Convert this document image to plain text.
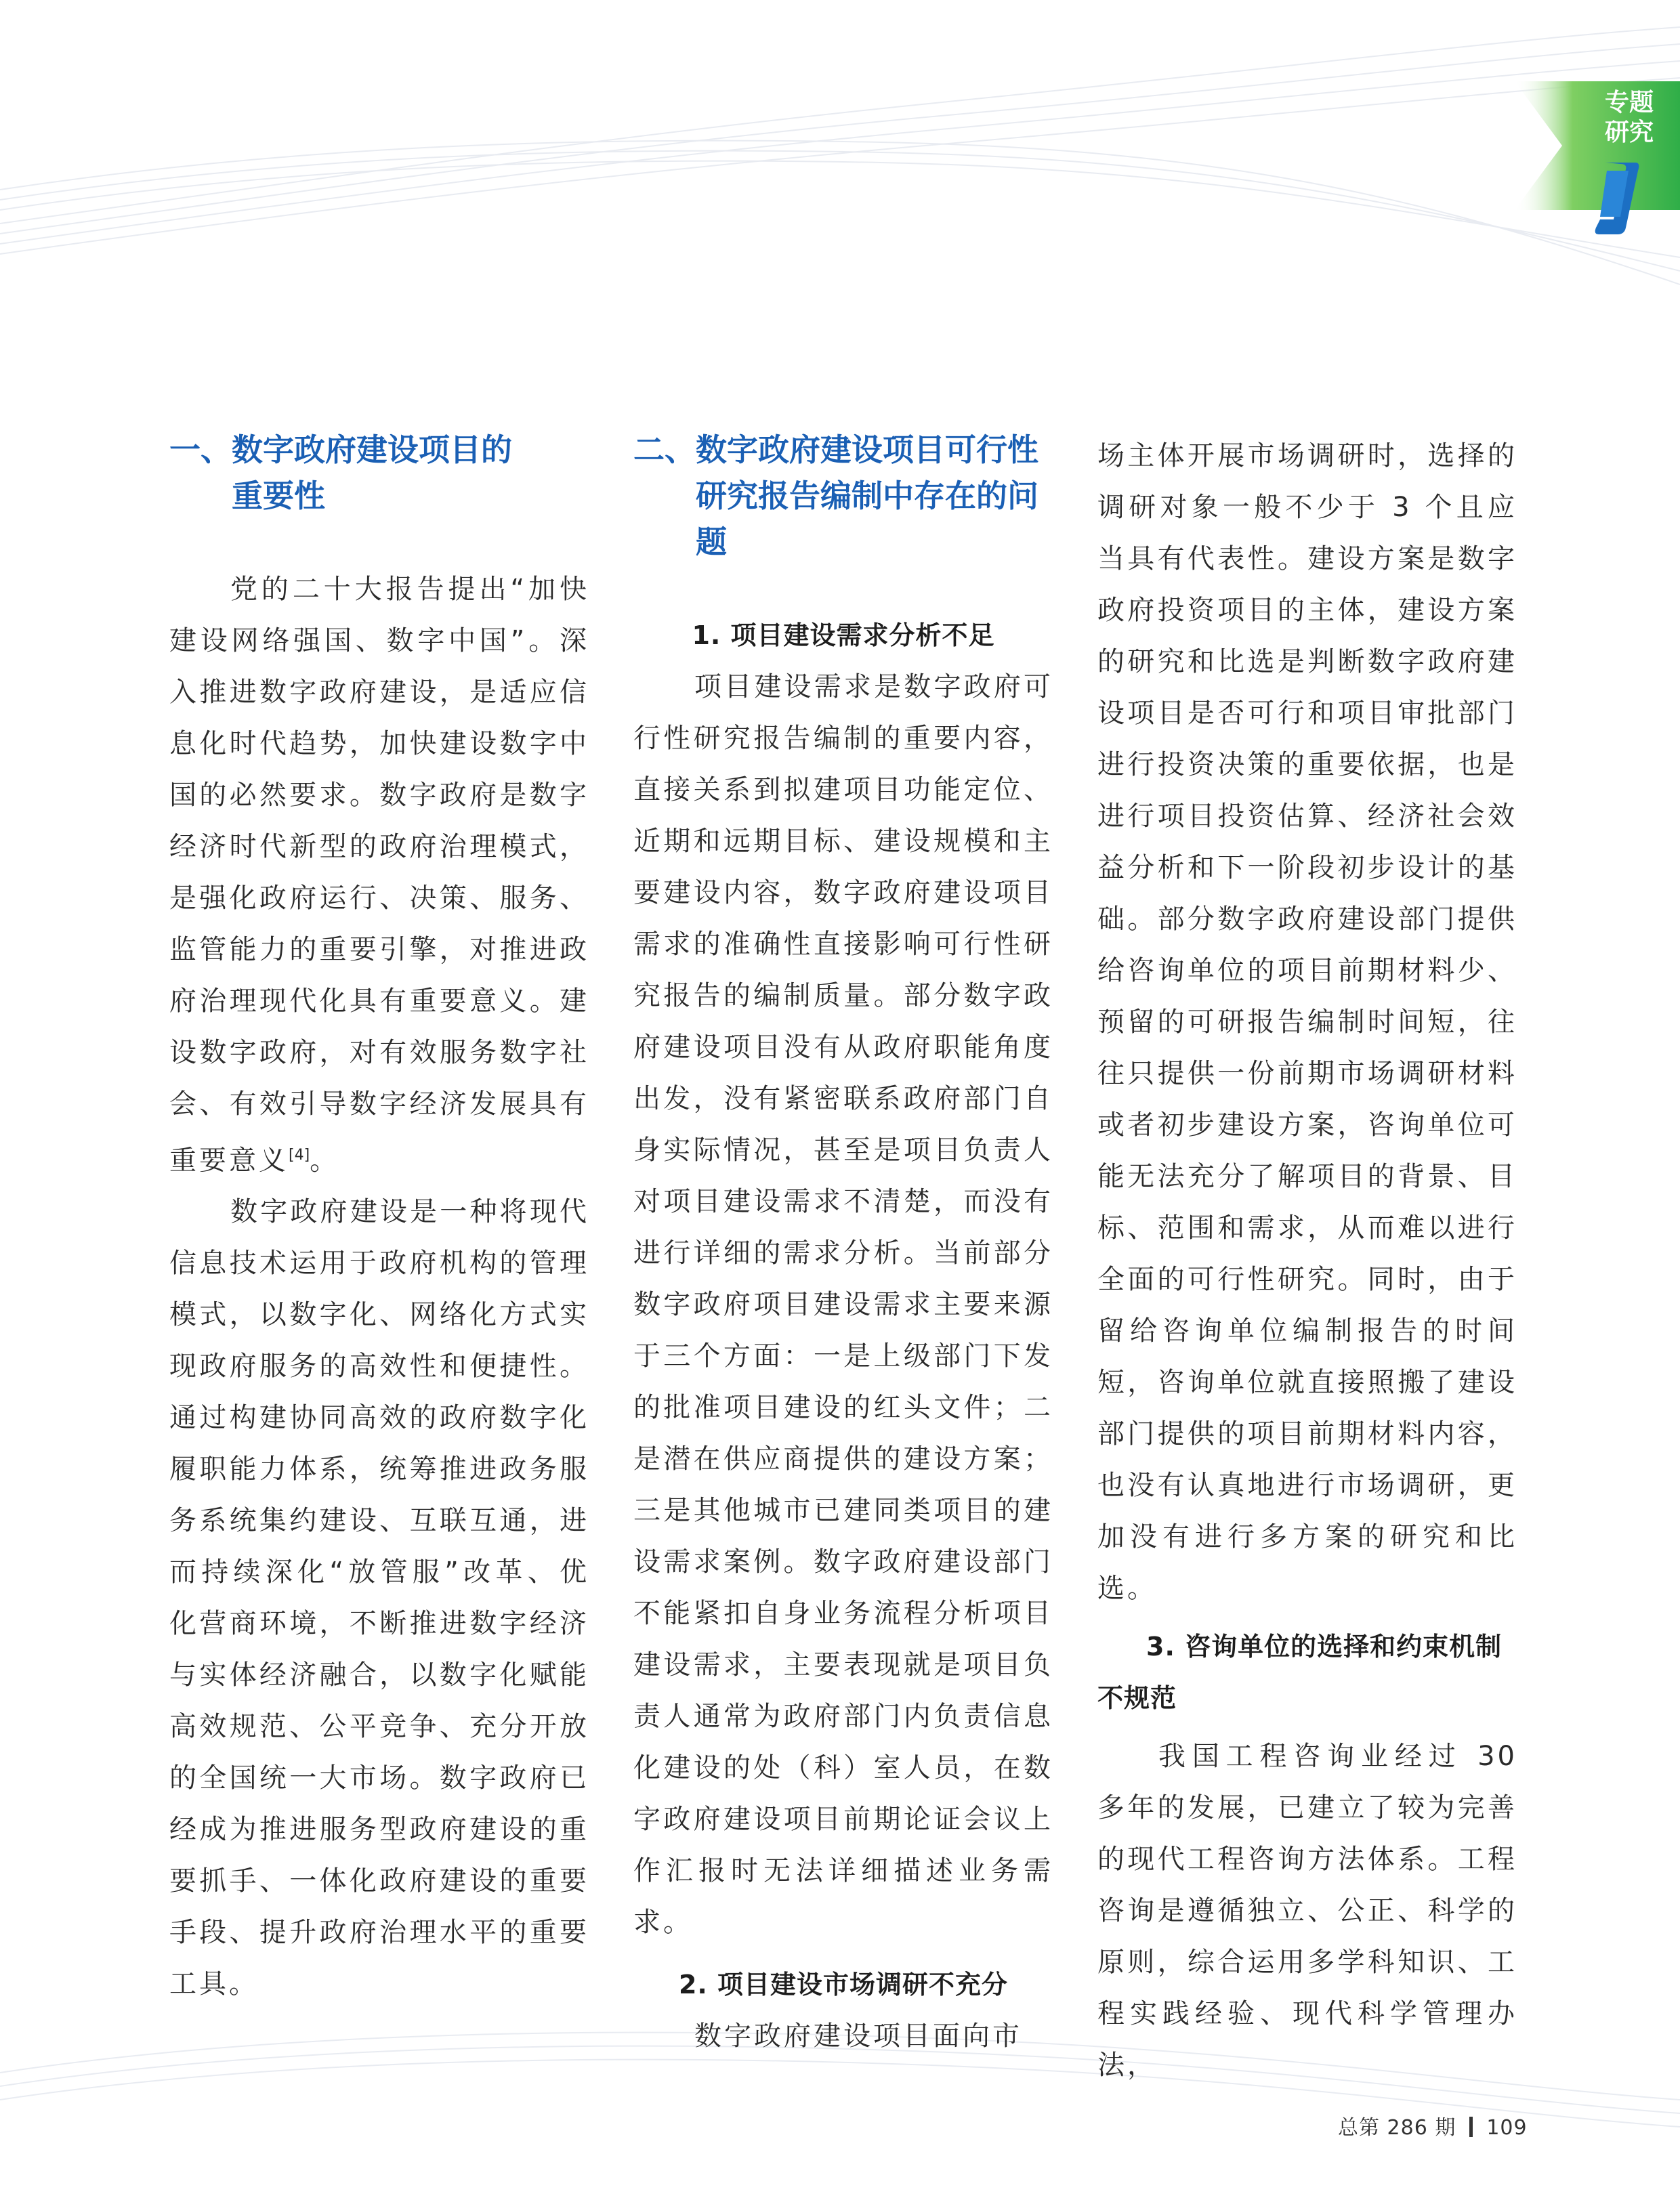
专题
研究
一、数字政府建设项目的
重要性

党的二十大报告提出“加快建设网络强国、数字中国”。深入推进数字政府建设，是适应信息化时代趋势，加快建设数字中国的必然要求。数字政府是数字经济时代新型的政府治理模式，是强化政府运行、决策、服务、监管能力的重要引擎，对推进政府治理现代化具有重要意义。建设数字政府，对有效服务数字社会、有效引导数字经济发展具有重要意义[4]。

数字政府建设是一种将现代信息技术运用于政府机构的管理模式，以数字化、网络化方式实现政府服务的高效性和便捷性。通过构建协同高效的政府数字化履职能力体系，统筹推进政务服务系统集约建设、互联互通，进而持续深化“放管服”改革、优化营商环境，不断推进数字经济与实体经济融合，以数字化赋能高效规范、公平竞争、充分开放的全国统一大市场。数字政府已经成为推进服务型政府建设的重要抓手、一体化政府建设的重要手段、提升政府治理水平的重要工具。

二、数字政府建设项目可行性
研究报告编制中存在的问题
1. 项目建设需求分析不足

项目建设需求是数字政府可行性研究报告编制的重要内容，直接关系到拟建项目功能定位、近期和远期目标、建设规模和主要建设内容，数字政府建设项目需求的准确性直接影响可行性研究报告的编制质量。部分数字政府建设项目没有从政府职能角度出发，没有紧密联系政府部门自身实际情况，甚至是项目负责人对项目建设需求不清楚，而没有进行详细的需求分析。当前部分数字政府项目建设需求主要来源于三个方面：一是上级部门下发的批准项目建设的红头文件；二是潜在供应商提供的建设方案；三是其他城市已建同类项目的建设需求案例。数字政府建设部门不能紧扣自身业务流程分析项目建设需求，主要表现就是项目负责人通常为政府部门内负责信息化建设的处（科）室人员，在数字政府建设项目前期论证会议上作汇报时无法详细描述业务需求。

2. 项目建设市场调研不充分

数字政府建设项目面向市

场主体开展市场调研时，选择的调研对象一般不少于 3 个且应当具有代表性。建设方案是数字政府投资项目的主体，建设方案的研究和比选是判断数字政府建设项目是否可行和项目审批部门进行投资决策的重要依据，也是进行项目投资估算、经济社会效益分析和下一阶段初步设计的基础。部分数字政府建设部门提供给咨询单位的项目前期材料少、预留的可研报告编制时间短，往往只提供一份前期市场调研材料或者初步建设方案，咨询单位可能无法充分了解项目的背景、目标、范围和需求，从而难以进行全面的可行性研究。同时，由于留给咨询单位编制报告的时间短，咨询单位就直接照搬了建设部门提供的项目前期材料内容，也没有认真地进行市场调研，更加没有进行多方案的研究和比选。

3. 咨询单位的选择和约束机制不规范

我国工程咨询业经过 30 多年的发展，已建立了较为完善的现代工程咨询方法体系。工程咨询是遵循独立、公正、科学的原则，综合运用多学科知识、工程实践经验、现代科学管理办法，

总第 286 期 109
